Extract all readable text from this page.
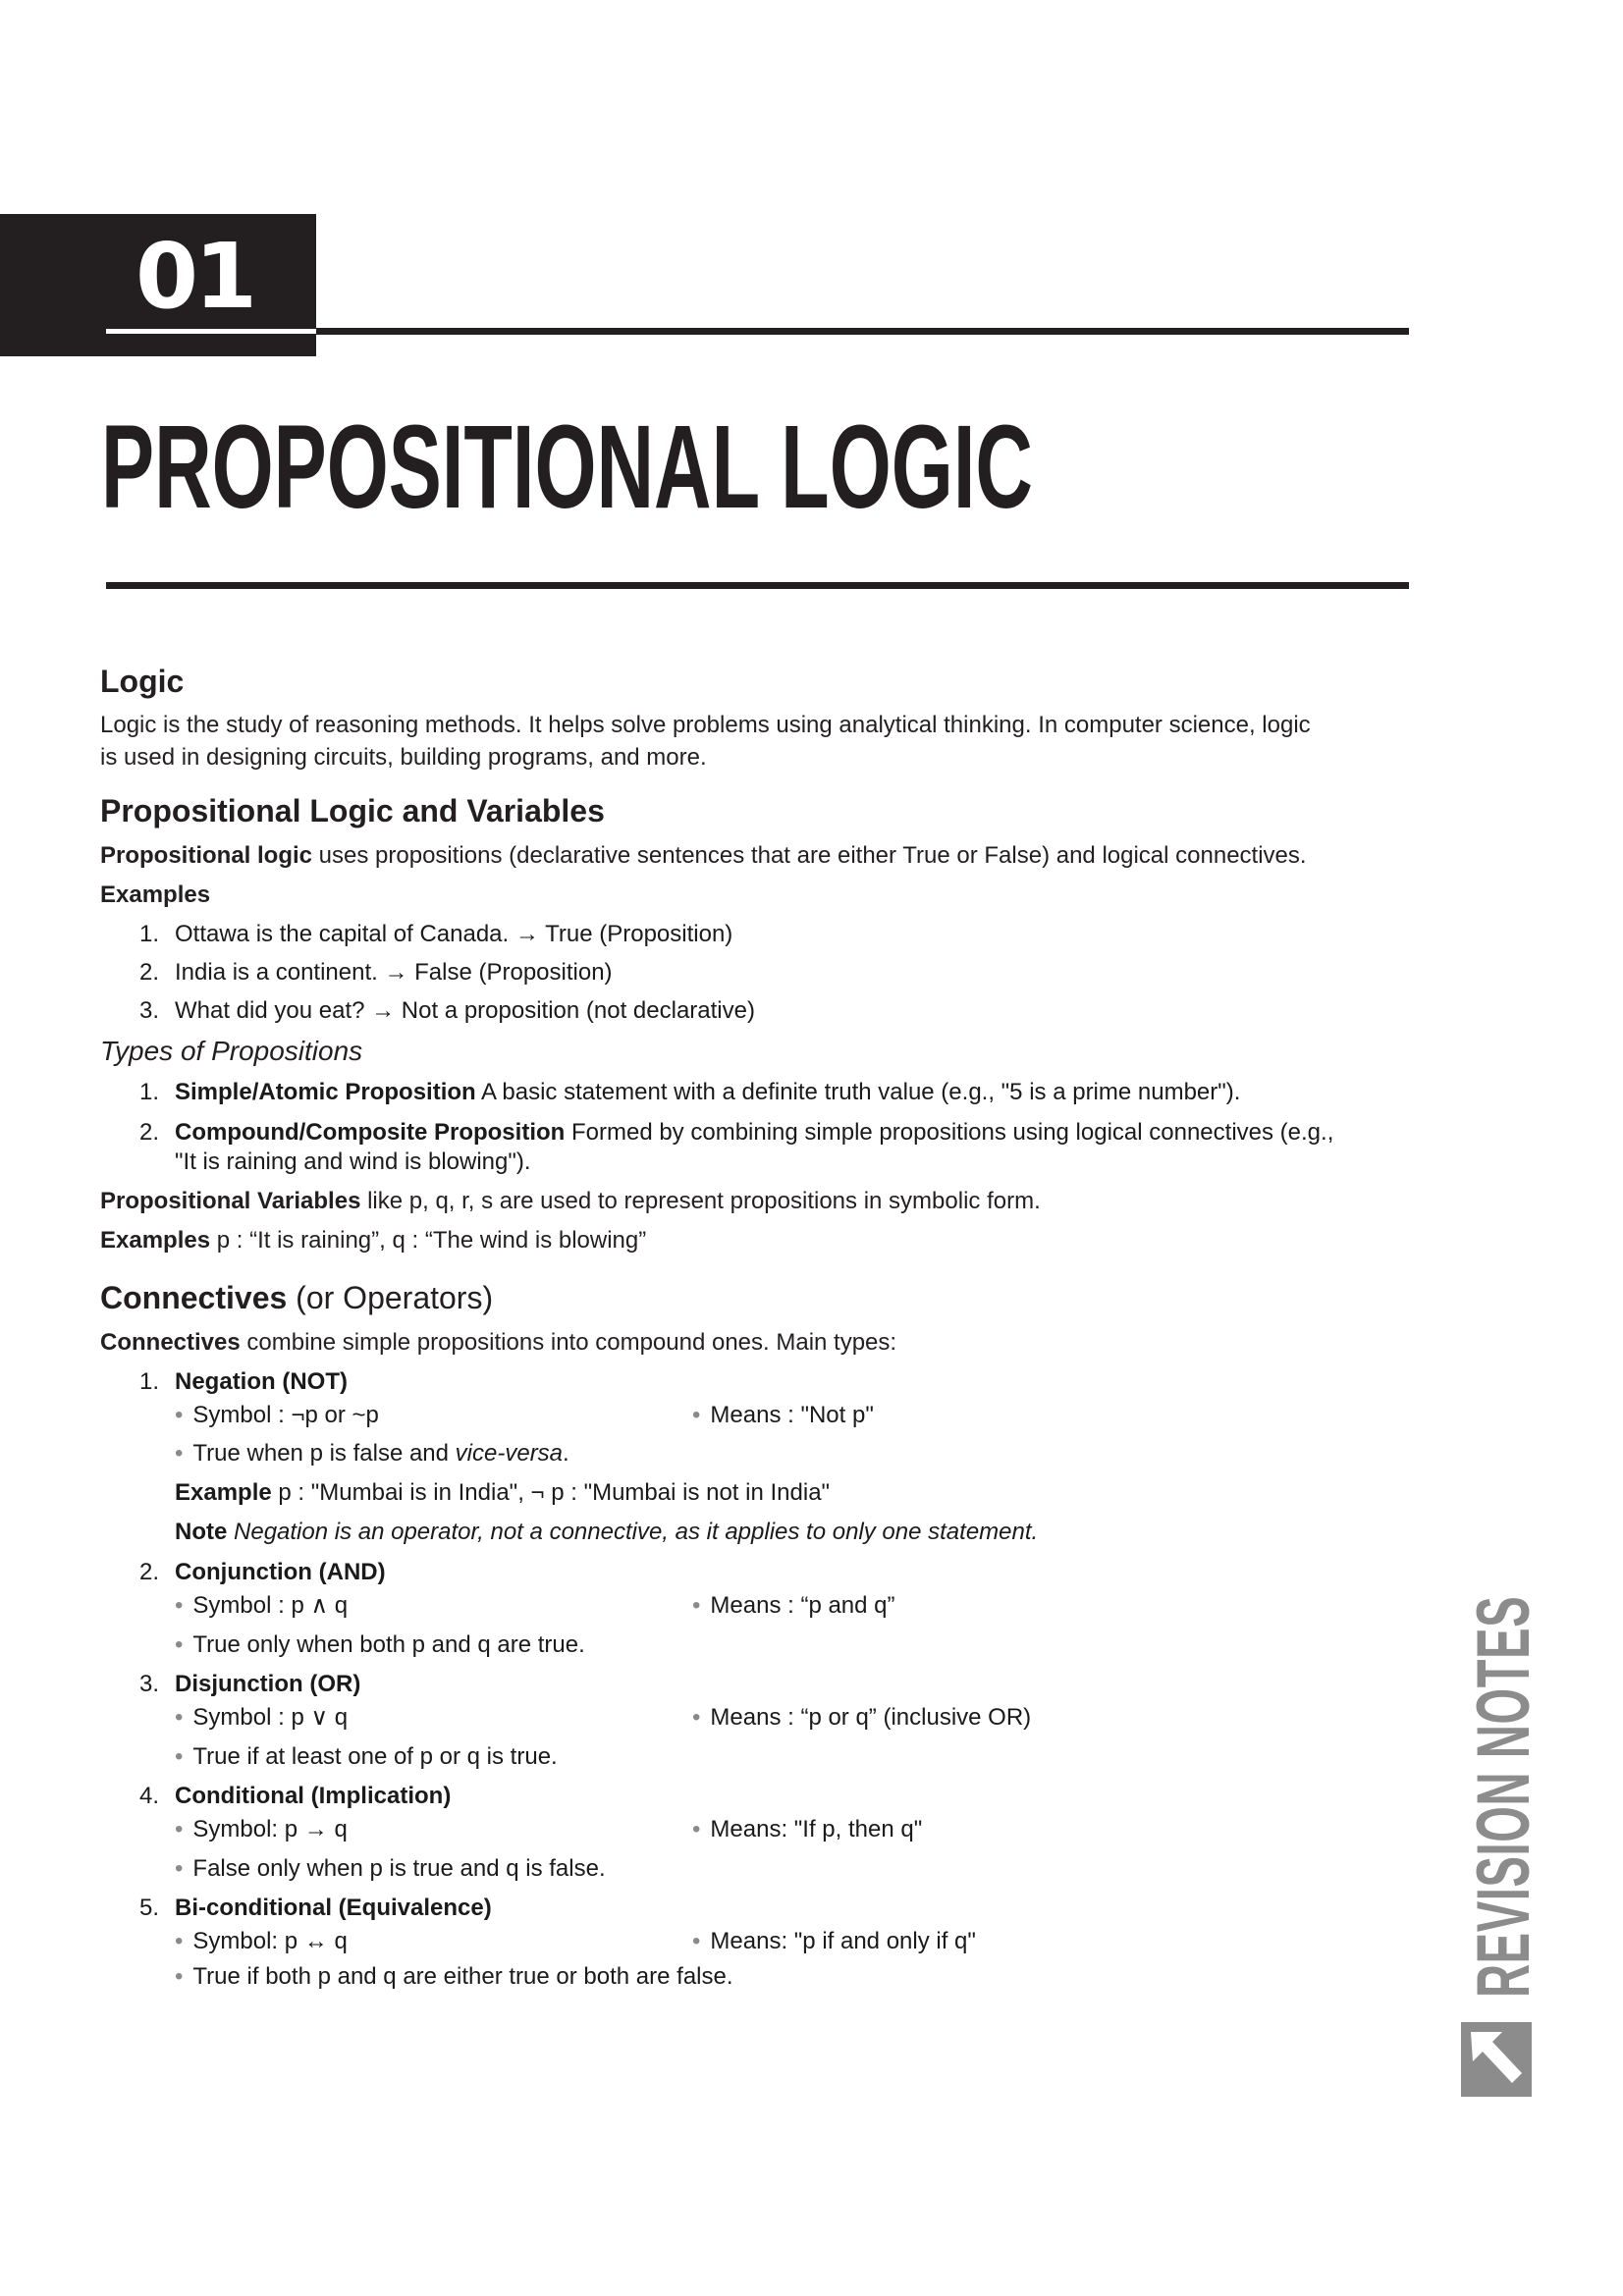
01
PROPOSITIONAL LOGIC
Logic
Logic is the study of reasoning methods. It helps solve problems using analytical thinking. In computer science, logic
is used in designing circuits, building programs, and more.
Propositional Logic and Variables
Propositional logic uses propositions (declarative sentences that are either True or False) and logical connectives.
Examples
1. Ottawa is the capital of Canada. → True (Proposition)
2. India is a continent. → False (Proposition)
3. What did you eat? → Not a proposition (not declarative)
Types of Propositions
1. Simple/Atomic Proposition A basic statement with a definite truth value (e.g., "5 is a prime number").
2. Compound/Composite Proposition Formed by combining simple propositions using logical connectives (e.g.,
"It is raining and wind is blowing").
Propositional Variables like p, q, r, s are used to represent propositions in symbolic form.
Examples p : “It is raining”, q : “The wind is blowing”
Connectives (or Operators)
Connectives combine simple propositions into compound ones. Main types:
1. Negation (NOT)
• Symbol : ¬p or ~p	• Means : "Not p"
• True when p is false and vice-versa.
Example p : "Mumbai is in India", ¬ p : "Mumbai is not in India"
Note Negation is an operator, not a connective, as it applies to only one statement.
2. Conjunction (AND)
• Symbol : p ∧ q	• Means : “p and q”
• True only when both p and q are true.
3. Disjunction (OR)
• Symbol : p ∨ q	• Means : “p or q” (inclusive OR)
• True if at least one of p or q is true.
4. Conditional (Implication)
• Symbol: p → q	• Means: "If p, then q"
• False only when p is true and q is false.
5. Bi-conditional (Equivalence)
• Symbol: p ↔ q	• Means: "p if and only if q"
• True if both p and q are either true or both are false.	REVISION NOTES
